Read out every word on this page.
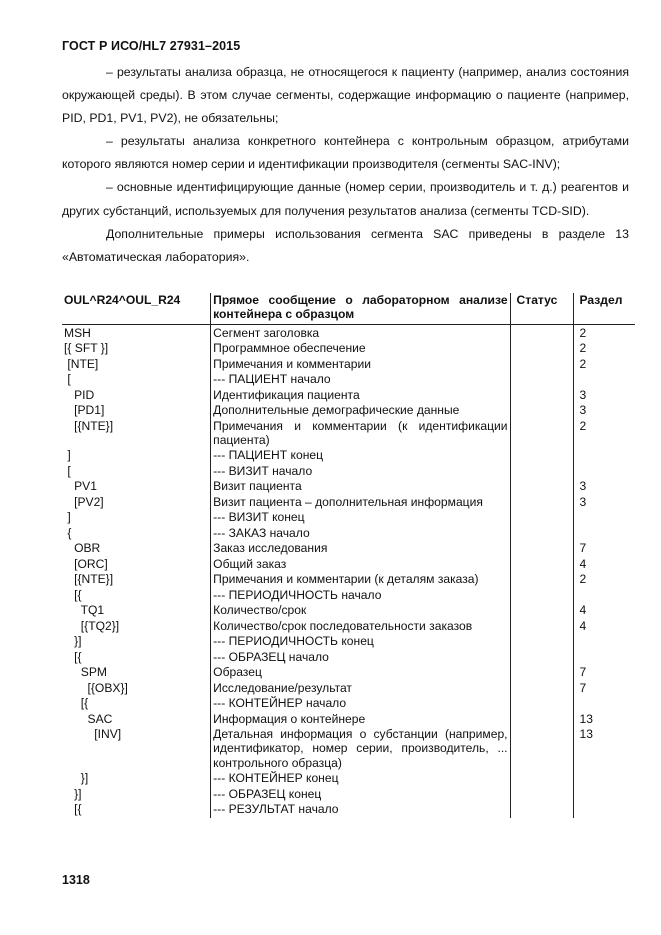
ГОСТ Р ИСО/HL7 27931–2015

– результаты анализа образца, не относящегося к пациенту (например, анализ состояния окружающей среды). В этом случае сегменты, содержащие информацию о пациенте (например, PID, PD1, PV1, PV2), не обязательны;

– результаты анализа конкретного контейнера с контрольным образцом, атрибутами которого являются номер серии и идентификации производителя (сегменты SAC-INV);

– основные идентифицирующие данные (номер серии, производитель и т. д.) реагентов и других субстанций, используемых для получения результатов анализа (сегменты TCD-SID).

Дополнительные примеры использования сегмента SAC приведены в разделе 13 «Автоматическая лаборатория».

OUL^R24^OUL_R24	Прямое сообщение о лабораторном анализе контейнера с образцом	Статус	Раздел
MSH	Сегмент заголовка		2
[{ SFT }]	Программное обеспечение		2
[NTE]	Примечания и комментарии		2
[	--- ПАЦИЕНТ начало		
PID	Идентификация пациента		3
[PD1]	Дополнительные демографические данные		3
[{NTE}]	Примечания и комментарии (к идентификации пациента)		2
]	--- ПАЦИЕНТ конец		
[	--- ВИЗИТ начало		
PV1	Визит пациента		3
[PV2]	Визит пациента – дополнительная информация		3
]	--- ВИЗИТ конец		
{	--- ЗАКАЗ начало		
OBR	Заказ исследования		7
[ORC]	Общий заказ		4
[{NTE}]	Примечания и комментарии (к деталям заказа)		2
[{	--- ПЕРИОДИЧНОСТЬ начало		
TQ1	Количество/срок		4
[{TQ2}]	Количество/срок последовательности заказов		4
}]	--- ПЕРИОДИЧНОСТЬ конец		
[{	--- ОБРАЗЕЦ начало		
SPM	Образец		7
[{OBX}]	Исследование/результат		7
[{	--- КОНТЕЙНЕР начало		
SAC	Информация о контейнере		13
[INV]	Детальная информация о субстанции (например, идентификатор, номер серии, производитель, ... контрольного образца)		13
}]	--- КОНТЕЙНЕР конец		
}]	--- ОБРАЗЕЦ конец		
[{	--- РЕЗУЛЬТАТ начало		
1318
